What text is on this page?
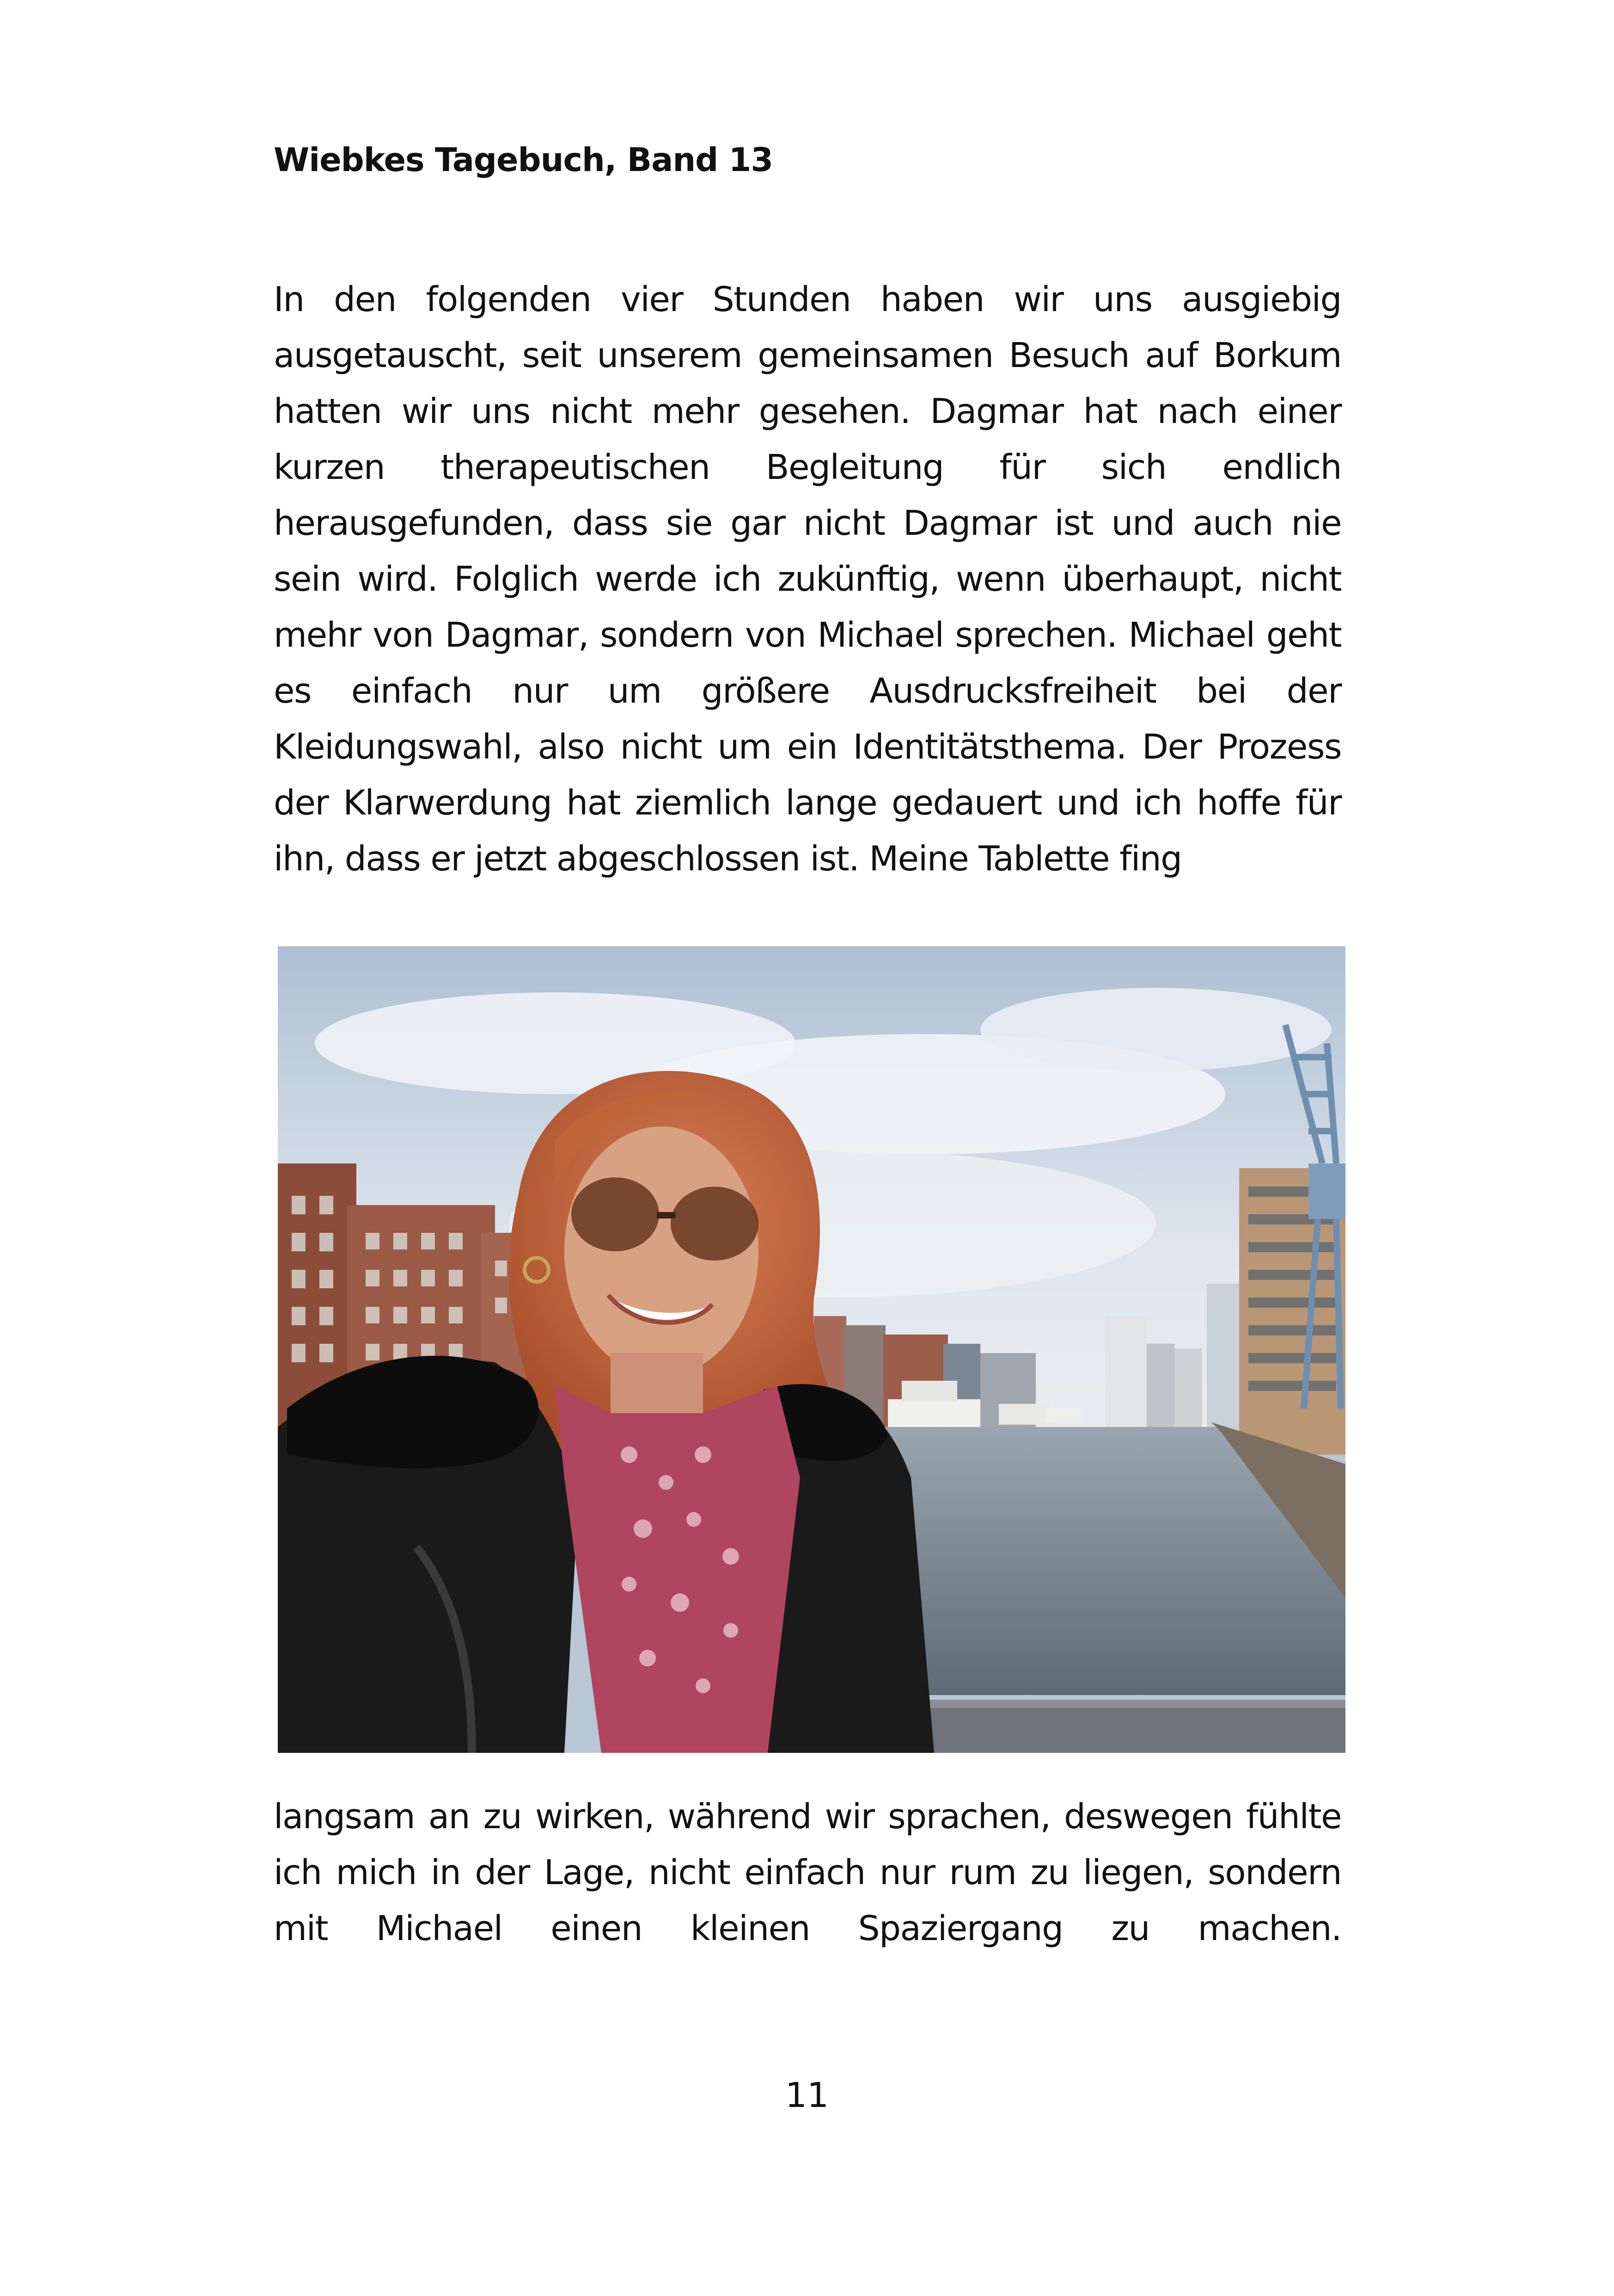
Wiebkes Tagebuch, Band 13

In den folgenden vier Stunden haben wir uns ausgiebig ausgetauscht, seit unserem gemeinsamen Besuch auf Borkum hatten wir uns nicht mehr gesehen. Dagmar hat nach einer kurzen therapeutischen Begleitung für sich endlich herausgefunden, dass sie gar nicht Dagmar ist und auch nie sein wird. Folglich werde ich zukünftig, wenn überhaupt, nicht mehr von Dagmar, sondern von Michael sprechen. Michael geht es einfach nur um größere Ausdrucksfreiheit bei der Kleidungswahl, also nicht um ein Identitätsthema. Der Prozess der Klarwerdung hat ziemlich lange gedauert und ich hoffe für ihn, dass er jetzt abgeschlossen ist. Meine Tablette fing

langsam an zu wirken, während wir sprachen, deswegen fühlte ich mich in der Lage, nicht einfach nur rum zu liegen, sondern mit Michael einen kleinen Spaziergang zu machen.

11
